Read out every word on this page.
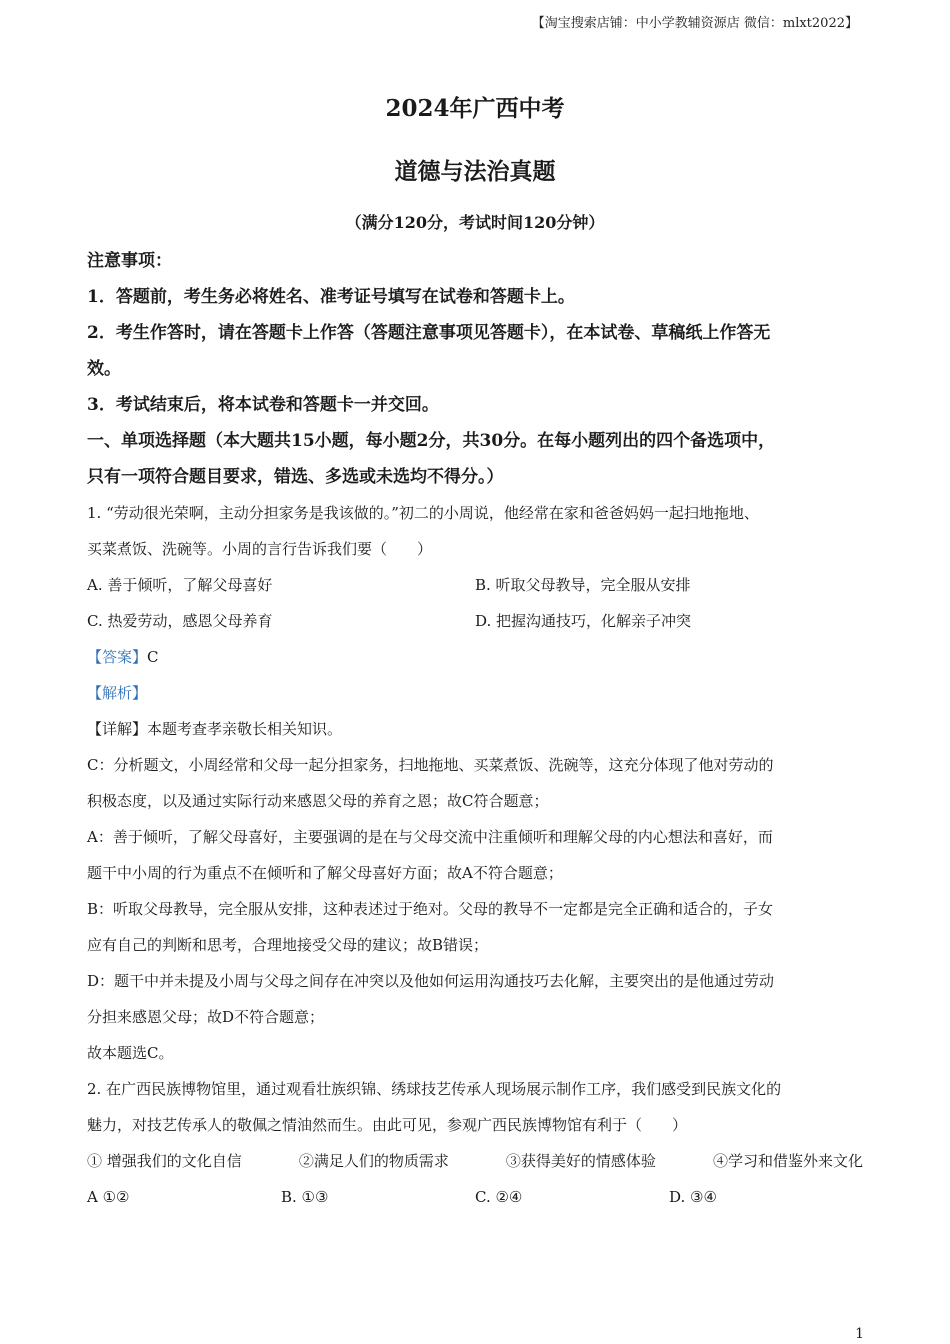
【淘宝搜索店铺：中小学教辅资源店 微信：mlxt2022】
2024年广西中考
道德与法治真题
（满分120分，考试时间120分钟）
注意事项：
1．答题前，考生务必将姓名、准考证号填写在试卷和答题卡上。
2．考生作答时，请在答题卡上作答（答题注意事项见答题卡），在本试卷、草稿纸上作答无
效。
3．考试结束后，将本试卷和答题卡一并交回。
一、单项选择题（本大题共15小题，每小题2分，共30分。在每小题列出的四个备选项中，
只有一项符合题目要求，错选、多选或未选均不得分。）
1. “劳动很光荣啊，主动分担家务是我该做的。”初二的小周说，他经常在家和爸爸妈妈一起扫地拖地、
买菜煮饭、洗碗等。小周的言行告诉我们要（　　）
A. 善于倾听，了解父母喜好	B. 听取父母教导，完全服从安排
C. 热爱劳动，感恩父母养育	D. 把握沟通技巧，化解亲子冲突
【答案】C
【解析】
【详解】本题考查孝亲敬长相关知识。
C：分析题文，小周经常和父母一起分担家务，扫地拖地、买菜煮饭、洗碗等，这充分体现了他对劳动的
积极态度，以及通过实际行动来感恩父母的养育之恩；故C符合题意；
A：善于倾听，了解父母喜好，主要强调的是在与父母交流中注重倾听和理解父母的内心想法和喜好，而
题干中小周的行为重点不在倾听和了解父母喜好方面；故A不符合题意；
B：听取父母教导，完全服从安排，这种表述过于绝对。父母的教导不一定都是完全正确和适合的，子女
应有自己的判断和思考，合理地接受父母的建议；故B错误；
D：题干中并未提及小周与父母之间存在冲突以及他如何运用沟通技巧去化解，主要突出的是他通过劳动
分担来感恩父母；故D不符合题意；
故本题选C。
2. 在广西民族博物馆里，通过观看壮族织锦、绣球技艺传承人现场展示制作工序，我们感受到民族文化的
魅力，对技艺传承人的敬佩之情油然而生。由此可见，参观广西民族博物馆有利于（　　）
① 增强我们的文化自信	②满足人们的物质需求	③获得美好的情感体验	④学习和借鉴外来文化
A ①②	B. ①③	C. ②④	D. ③④
1
